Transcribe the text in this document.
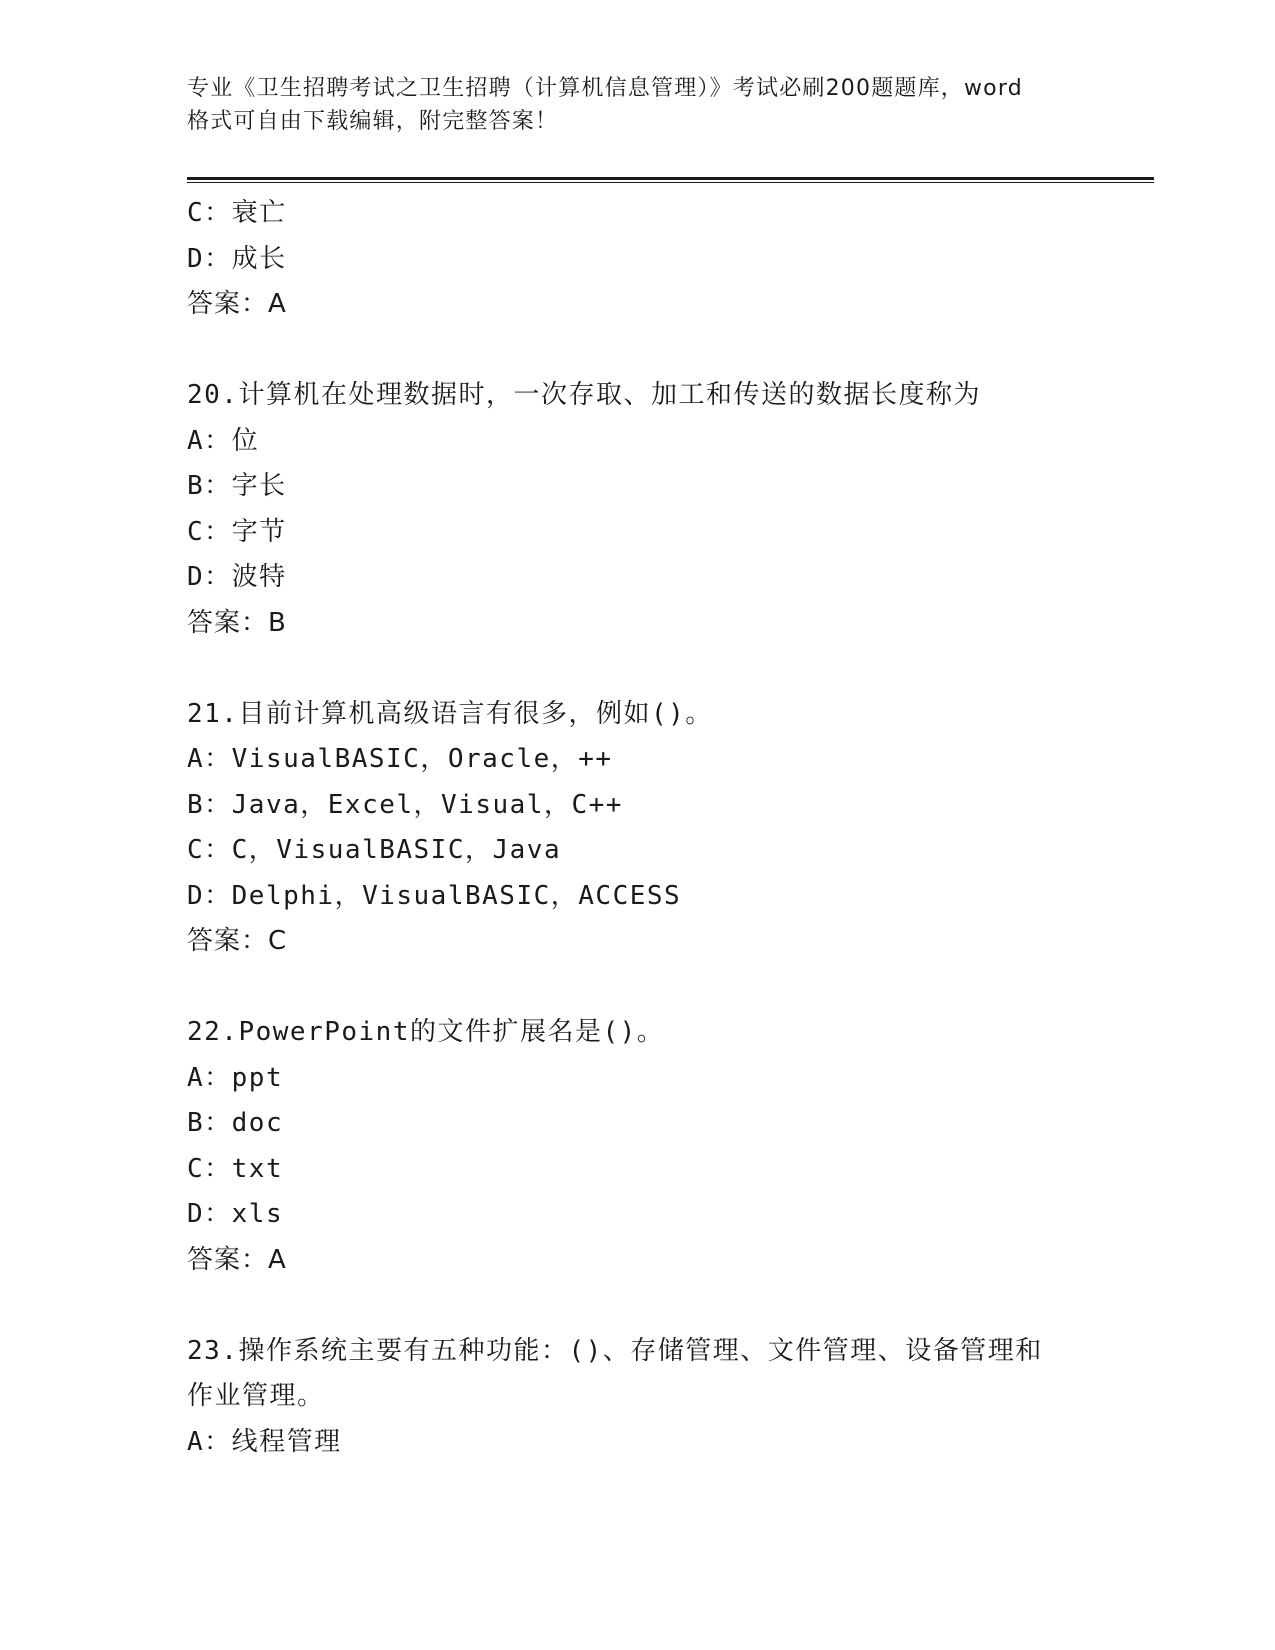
专业《卫生招聘考试之卫生招聘（计算机信息管理）》考试必刷200题题库，word
格式可自由下载编辑，附完整答案！
C：衰亡
D：成长
答案：A
20.计算机在处理数据时，一次存取、加工和传送的数据长度称为
A：位
B：字长
C：字节
D：波特
答案：B
21.目前计算机高级语言有很多，例如()。
A：VisualBASIC，Oracle，++
B：Java，Excel，Visual，C++
C：C，VisualBASIC，Java
D：Delphi，VisualBASIC，ACCESS
答案：C
22.PowerPoint的文件扩展名是()。
A：ppt
B：doc
C：txt
D：xls
答案：A
23.操作系统主要有五种功能：()、存储管理、文件管理、设备管理和
作业管理。
A：线程管理
